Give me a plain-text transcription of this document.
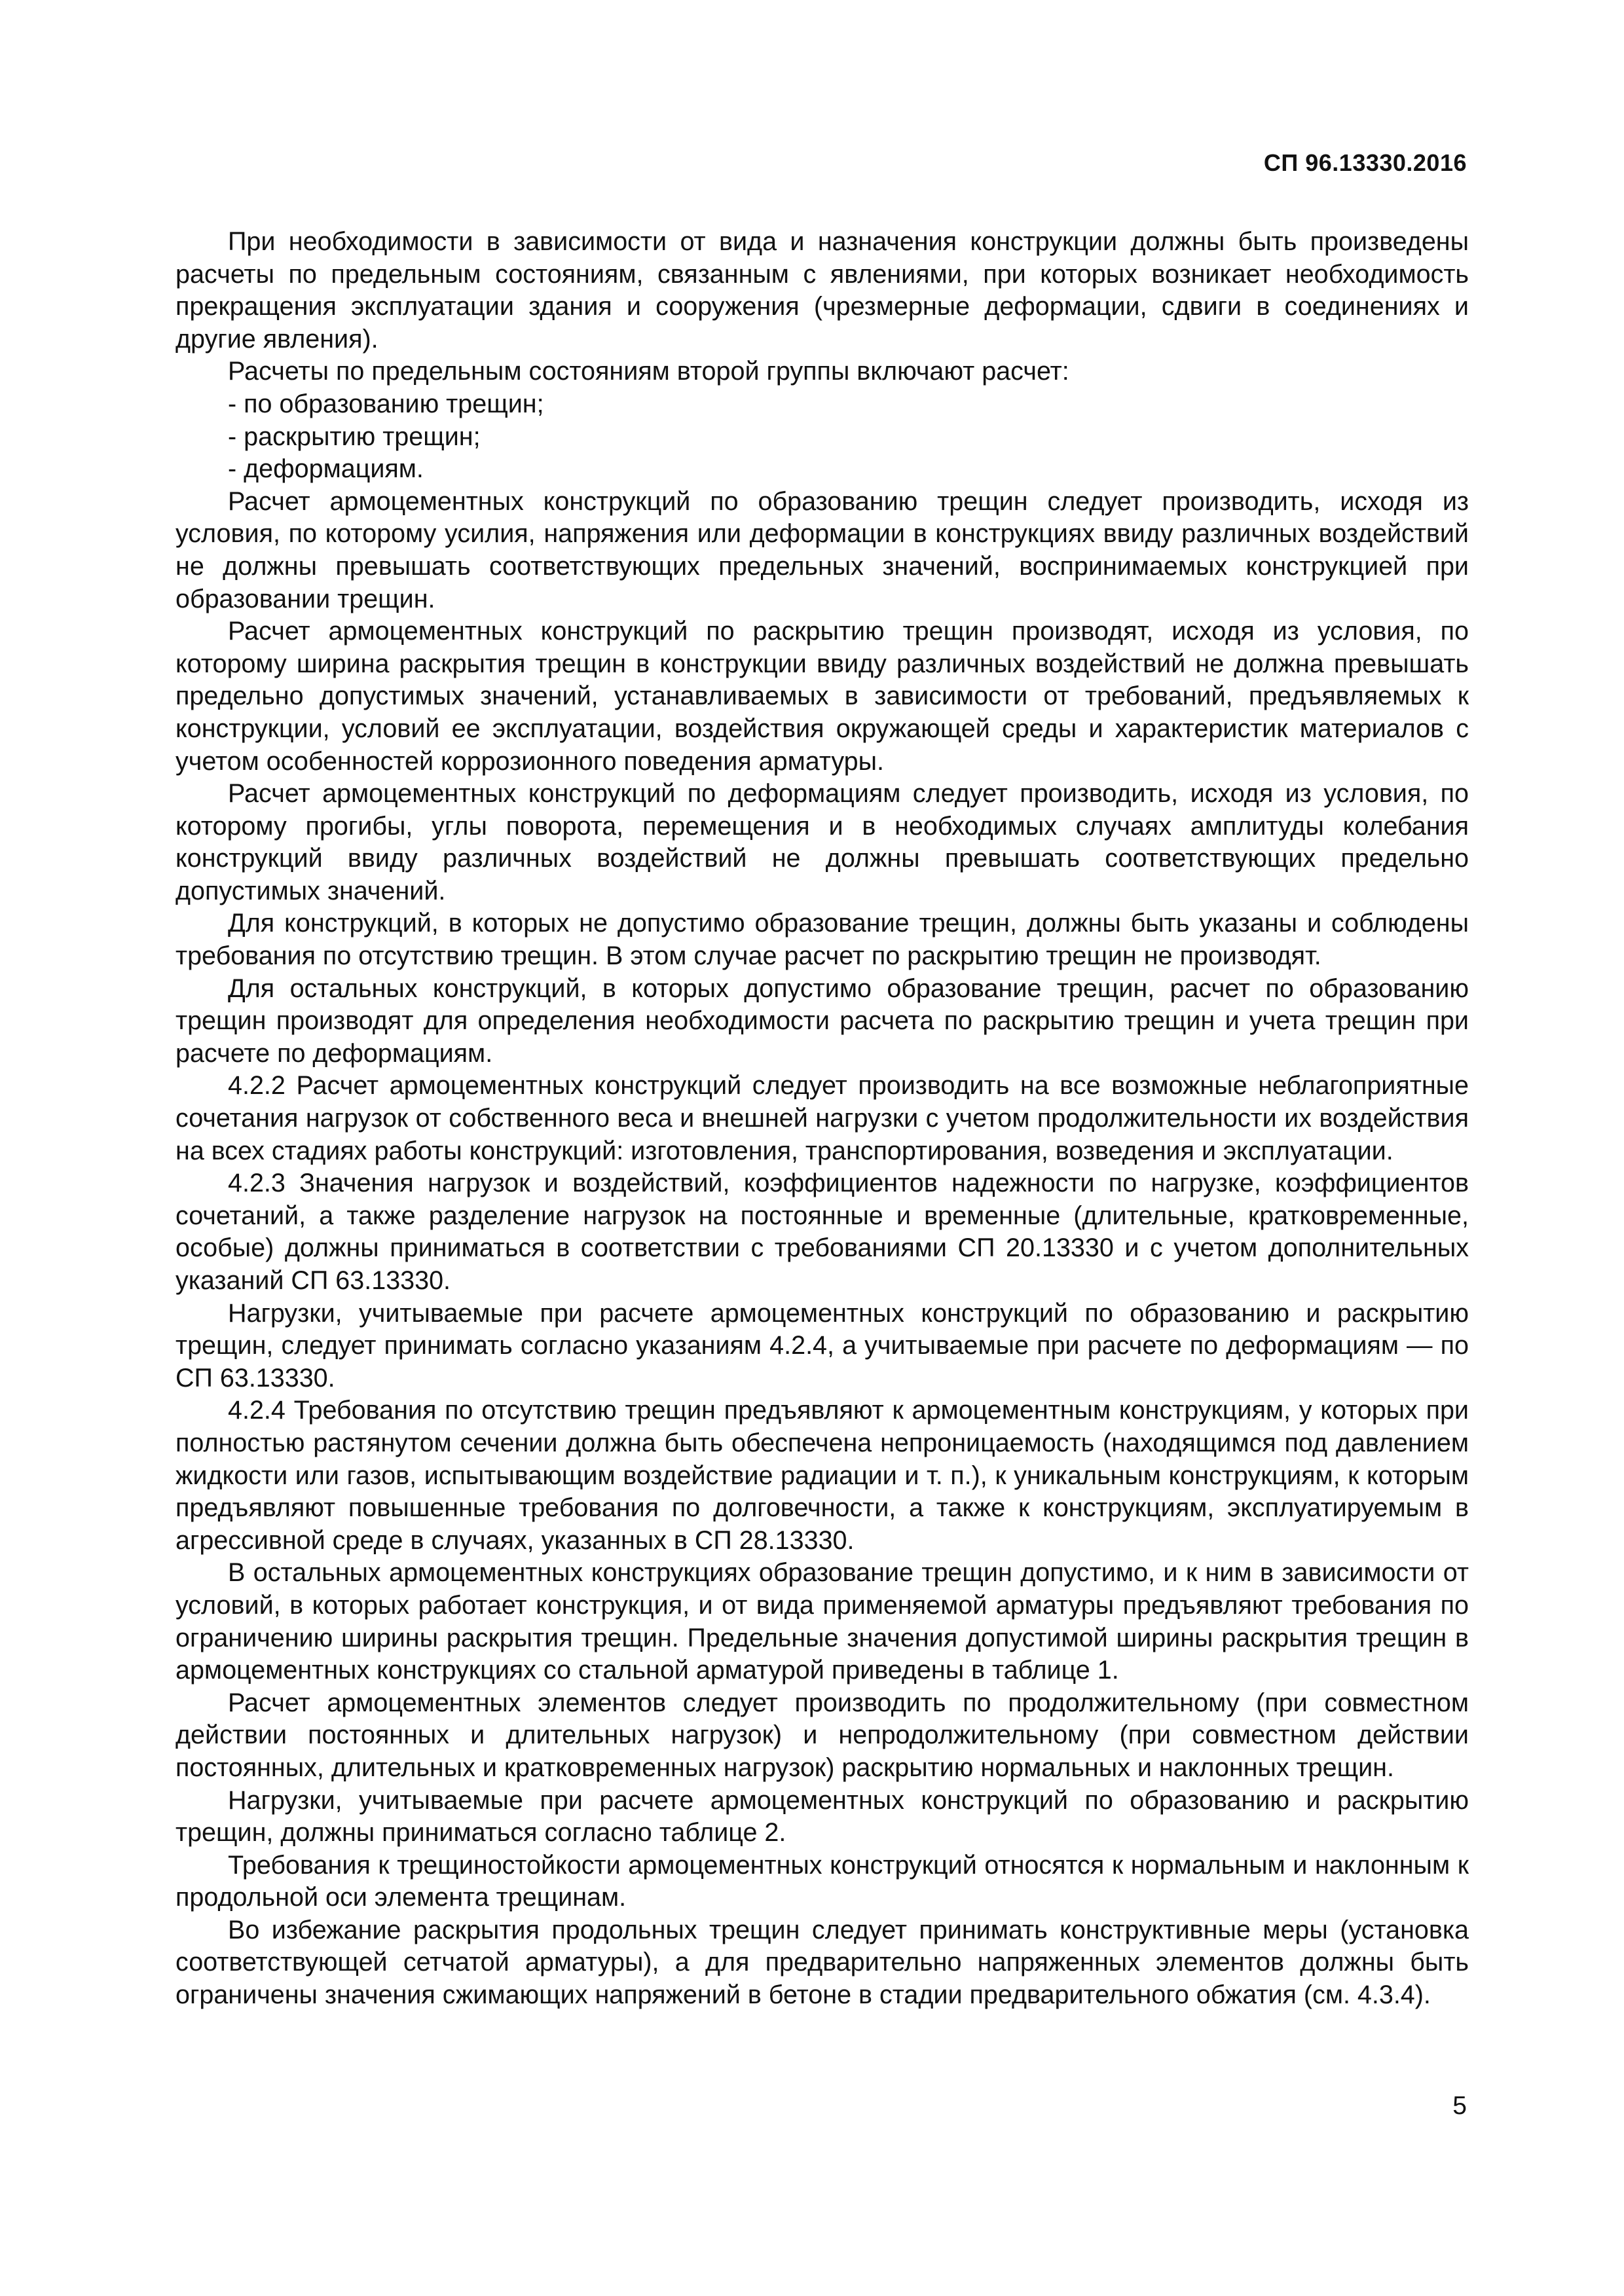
СП 96.13330.2016

При необходимости в зависимости от вида и назначения конструкции должны быть произведены расчеты по предельным состояниям, связанным с явлениями, при которых возникает необходимость прекращения эксплуатации здания и сооружения (чрезмерные деформации, сдвиги в соединениях и другие явления).

Расчеты по предельным состояниям второй группы включают расчет:

- по образованию трещин;

- раскрытию трещин;

- деформациям.

Расчет армоцементных конструкций по образованию трещин следует производить, исходя из условия, по которому усилия, напряжения или деформации в конструкциях ввиду различных воздействий не должны превышать соответствующих предельных значений, воспринимаемых конструкцией при образовании трещин.

Расчет армоцементных конструкций по раскрытию трещин производят, исходя из условия, по которому ширина раскрытия трещин в конструкции ввиду различных воздействий не должна превышать предельно допустимых значений, устанавливаемых в зависимости от требований, предъявляемых к конструкции, условий ее эксплуатации, воздействия окружающей среды и характеристик материалов с учетом особенностей коррозионного поведения арматуры.

Расчет армоцементных конструкций по деформациям следует производить, исходя из условия, по которому прогибы, углы поворота, перемещения и в необходимых случаях амплитуды колебания конструкций ввиду различных воздействий не должны превышать соответствующих предельно допустимых значений.

Для конструкций, в которых не допустимо образование трещин, должны быть указаны и соблюдены требования по отсутствию трещин. В этом случае расчет по раскрытию трещин не производят.

Для остальных конструкций, в которых допустимо образование трещин, расчет по образованию трещин производят для определения необходимости расчета по раскрытию трещин и учета трещин при расчете по деформациям.

4.2.2 Расчет армоцементных конструкций следует производить на все возможные неблагоприятные сочетания нагрузок от собственного веса и внешней нагрузки с учетом продолжительности их воздействия на всех стадиях работы конструкций: изготовления, транспортирования, возведения и эксплуатации.

4.2.3 Значения нагрузок и воздействий, коэффициентов надежности по нагрузке, коэффициентов сочетаний, а также разделение нагрузок на постоянные и временные (длительные, кратковременные, особые) должны приниматься в соответствии с требованиями СП 20.13330 и с учетом дополнительных указаний СП 63.13330.

Нагрузки, учитываемые при расчете армоцементных конструкций по образованию и раскрытию трещин, следует принимать согласно указаниям 4.2.4, а учитываемые при расчете по деформациям — по СП 63.13330.

4.2.4 Требования по отсутствию трещин предъявляют к армоцементным конструкциям, у которых при полностью растянутом сечении должна быть обеспечена непроницаемость (находящимся под давлением жидкости или газов, испытывающим воздействие радиации и т. п.), к уникальным конструкциям, к которым предъявляют повышенные требования по долговечности, а также к конструкциям, эксплуатируемым в агрессивной среде в случаях, указанных в СП 28.13330.

В остальных армоцементных конструкциях образование трещин допустимо, и к ним в зависимости от условий, в которых работает конструкция, и от вида применяемой арматуры предъявляют требования по ограничению ширины раскрытия трещин. Предельные значения допустимой ширины раскрытия трещин в армоцементных конструкциях со стальной арматурой приведены в таблице 1.

Расчет армоцементных элементов следует производить по продолжительному (при совместном действии постоянных и длительных нагрузок) и непродолжительному (при совместном действии постоянных, длительных и кратковременных нагрузок) раскрытию нормальных и наклонных трещин.

Нагрузки, учитываемые при расчете армоцементных конструкций по образованию и раскрытию трещин, должны приниматься согласно таблице 2.

Требования к трещиностойкости армоцементных конструкций относятся к нормальным и наклонным к продольной оси элемента трещинам.

Во избежание раскрытия продольных трещин следует принимать конструктивные меры (установка соответствующей сетчатой арматуры), а для предварительно напряженных элементов должны быть ограничены значения сжимающих напряжений в бетоне в стадии предварительного обжатия (см. 4.3.4).

5
